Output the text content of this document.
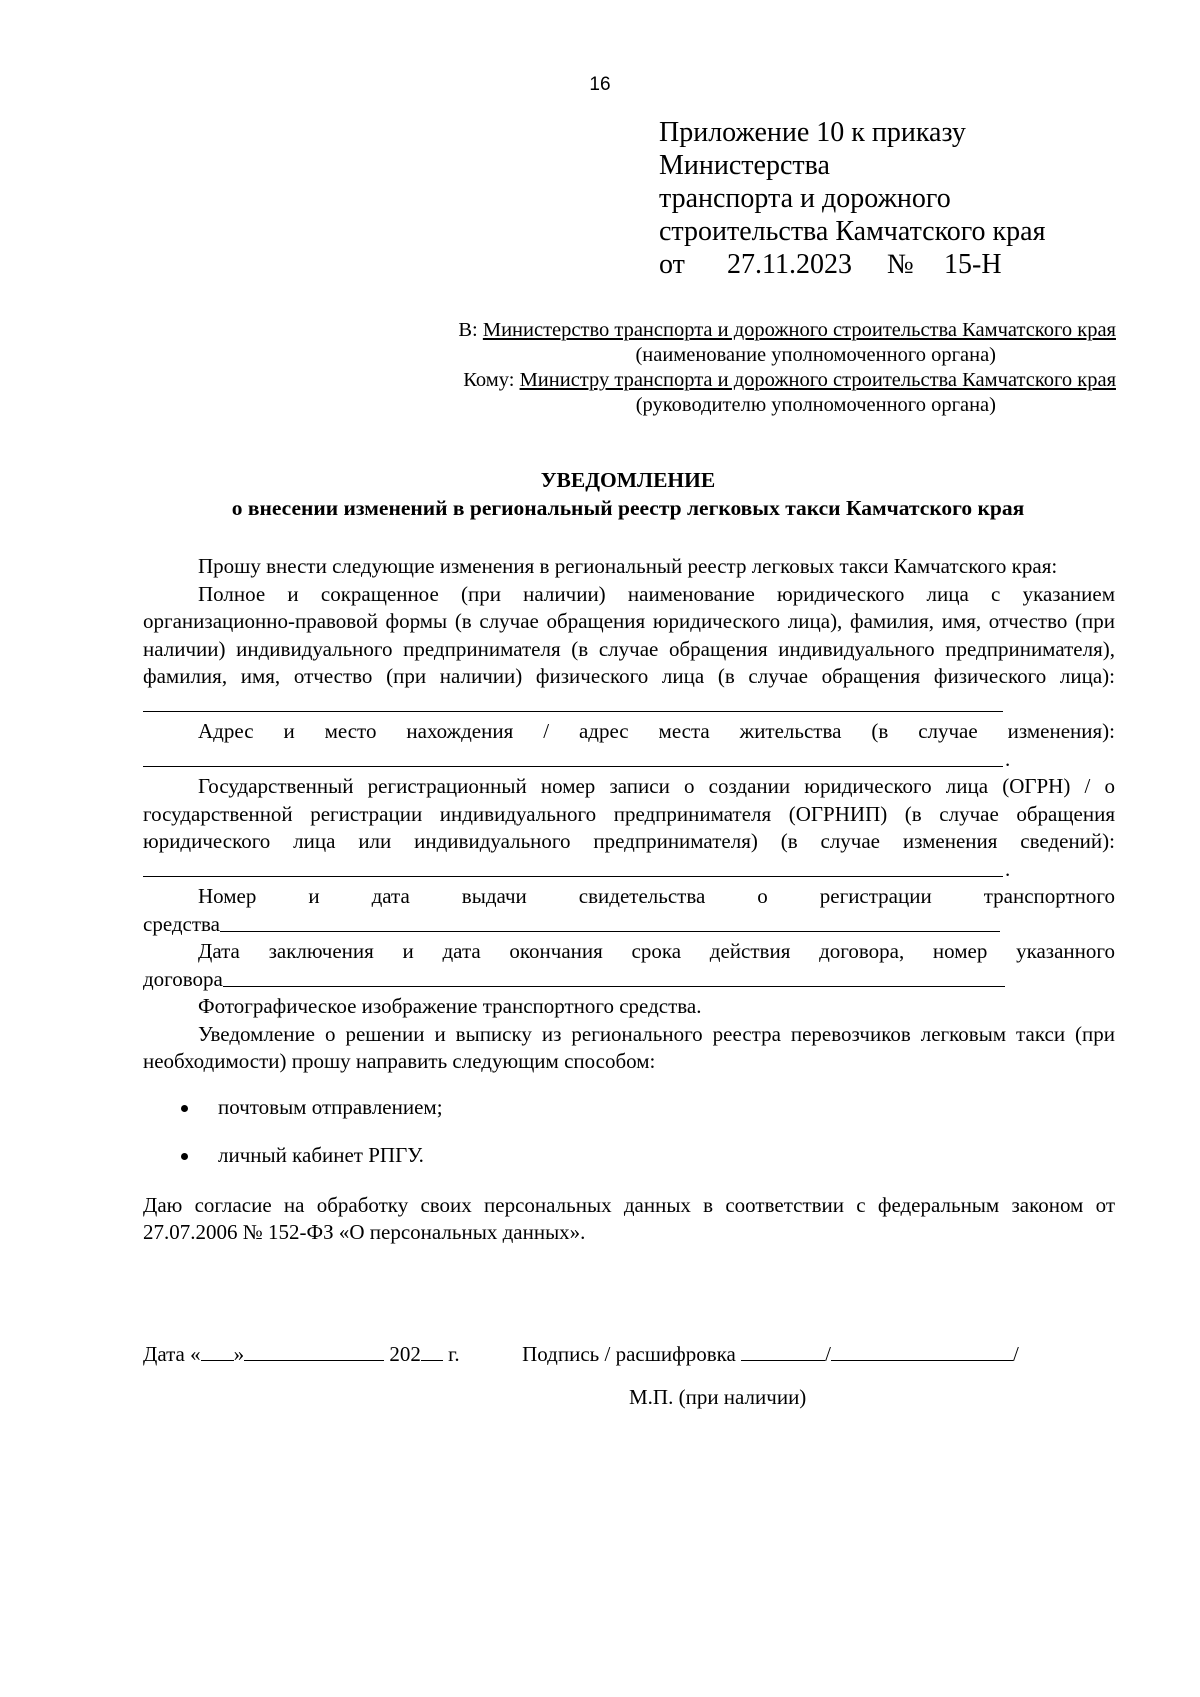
16
Приложение 10 к приказу
Министерства
транспорта и дорожного
строительства Камчатского края
от	27.11.2023	№	15-Н
В: Министерство транспорта и дорожного строительства Камчатского края
(наименование уполномоченного органа)
Кому: Министру транспорта и дорожного строительства Камчатского края
(руководителю уполномоченного органа)
УВЕДОМЛЕНИЕ
о внесении изменений в региональный реестр легковых такси Камчатского края

Прошу внести следующие изменения в региональный реестр легковых такси Камчатского края:

Полное и сокращенное (при наличии) наименование юридического лица с указанием организационно-правовой формы (в случае обращения юридического лица), фамилия, имя, отчество (при наличии) индивидуального предпринимателя (в случае обращения индивидуального предпринимателя), фамилия, имя, отчество (при наличии) физического лица (в случае обращения физического лица):

Адрес и место нахождения / адрес места жительства (в случае изменения):

.

Государственный регистрационный номер записи о создании юридического лица (ОГРН) / о государственной регистрации индивидуального предпринимателя (ОГРНИП) (в случае обращения юридического лица или индивидуального предпринимателя) (в случае изменения сведений):

.

Номер и дата выдачи свидетельства о регистрации транспортного

средства

Дата заключения и дата окончания срока действия договора, номер указанного

договора

Фотографическое изображение транспортного средства.

Уведомление о решении и выписку из регионального реестра перевозчиков легковым такси (при необходимости) прошу направить следующим способом:

почтовым отправлением;
личный кабинет РПГУ.

Даю согласие на обработку своих персональных данных в соответствии с федеральным законом от 27.07.2006 № 152-ФЗ «О персональных данных».

Дата « »	202 г.	Подпись / расшифровка	/	/
М.П. (при наличии)
